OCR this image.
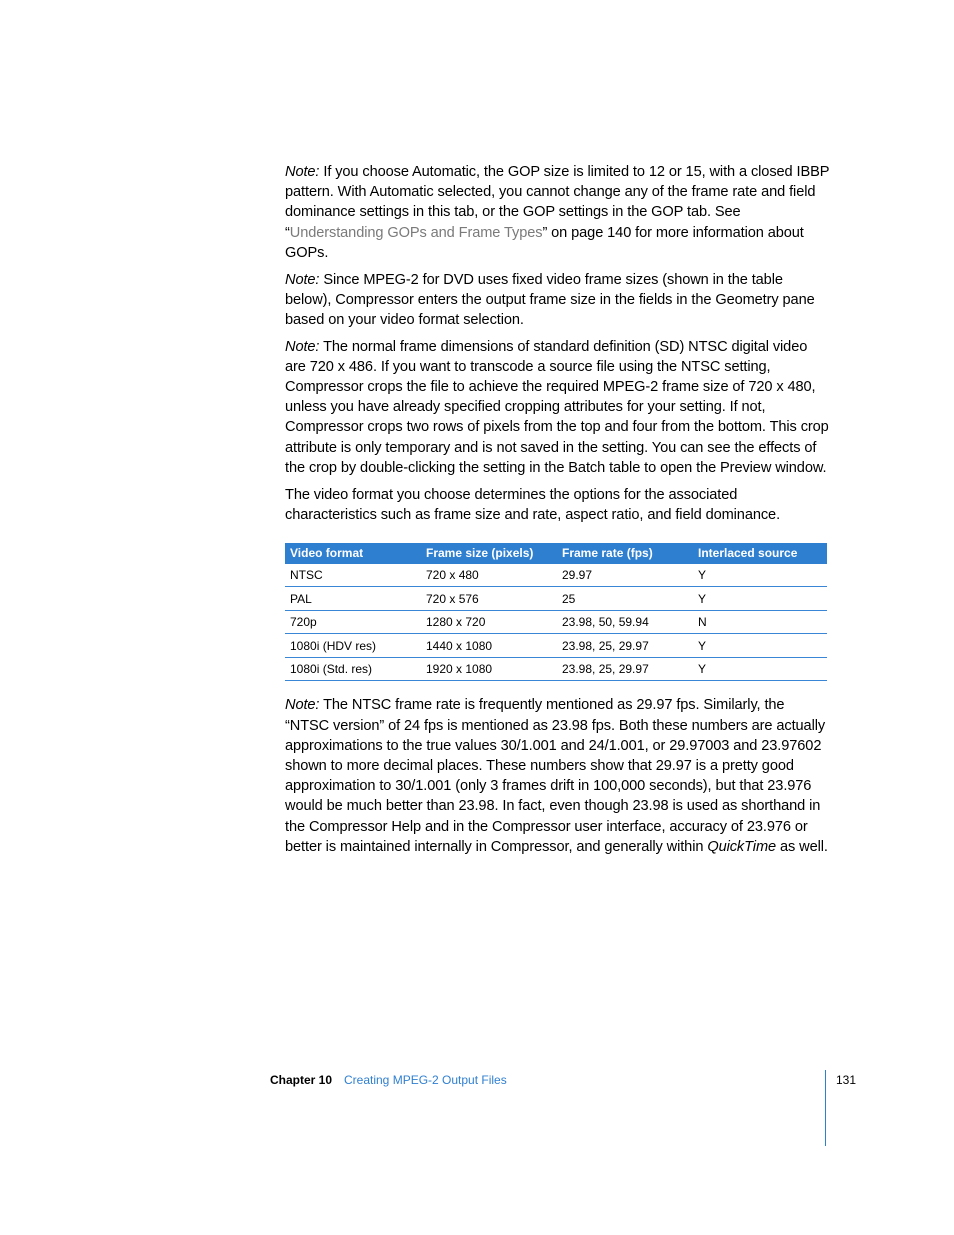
Note: If you choose Automatic, the GOP size is limited to 12 or 15, with a closed IBBP pattern. With Automatic selected, you cannot change any of the frame rate and field dominance settings in this tab, or the GOP settings in the GOP tab. See “Understanding GOPs and Frame Types” on page 140 for more information about GOPs.

Note: Since MPEG-2 for DVD uses fixed video frame sizes (shown in the table below), Compressor enters the output frame size in the fields in the Geometry pane based on your video format selection.

Note: The normal frame dimensions of standard definition (SD) NTSC digital video are 720 x 486. If you want to transcode a source file using the NTSC setting, Compressor crops the file to achieve the required MPEG-2 frame size of 720 x 480, unless you have already specified cropping attributes for your setting. If not, Compressor crops two rows of pixels from the top and four from the bottom. This crop attribute is only temporary and is not saved in the setting. You can see the effects of the crop by double-clicking the setting in the Batch table to open the Preview window.

The video format you choose determines the options for the associated characteristics such as frame size and rate, aspect ratio, and field dominance.

Video format	Frame size (pixels)	Frame rate (fps)	Interlaced source
NTSC	720 x 480	29.97	Y
PAL	720 x 576	25	Y
720p	1280 x 720	23.98, 50, 59.94	N
1080i (HDV res)	1440 x 1080	23.98, 25, 29.97	Y
1080i (Std. res)	1920 x 1080	23.98, 25, 29.97	Y

Note: The NTSC frame rate is frequently mentioned as 29.97 fps. Similarly, the “NTSC version” of 24 fps is mentioned as 23.98 fps. Both these numbers are actually approximations to the true values 30/1.001 and 24/1.001, or 29.97003 and 23.97602 shown to more decimal places. These numbers show that 29.97 is a pretty good approximation to 30/1.001 (only 3 frames drift in 100,000 seconds), but that 23.976 would be much better than 23.98. In fact, even though 23.98 is used as shorthand in the Compressor Help and in the Compressor user interface, accuracy of 23.976 or better is maintained internally in Compressor, and generally within QuickTime as well.

Chapter 10 Creating MPEG-2 Output Files	131
